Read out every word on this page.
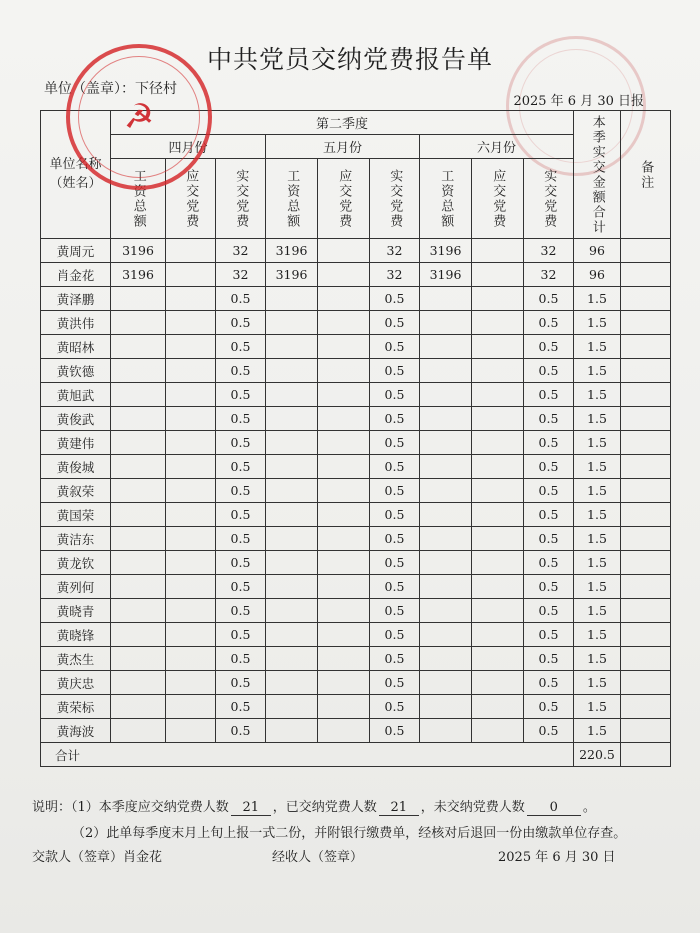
中共党员交纳党费报告单
单位（盖章）：下径村
2025 年 6 月 30 日报
单位名称（姓名）	第二季度									本季实交金额合计	备注

	四月份			五月份			六月份				

	工资总额	应交党费	实交党费	工资总额	应交党费	实交党费	工资总额	应交党费	实交党费		

黄周元	3196		32	3196		32	3196		32	96	
肖金花	3196		32	3196		32	3196		32	96	
黄泽鹏			0.5			0.5			0.5	1.5	
黄洪伟			0.5			0.5			0.5	1.5	
黄昭林			0.5			0.5			0.5	1.5	
黄钦德			0.5			0.5			0.5	1.5	
黄旭武			0.5			0.5			0.5	1.5	
黄俊武			0.5			0.5			0.5	1.5	
黄建伟			0.5			0.5			0.5	1.5	
黄俊城			0.5			0.5			0.5	1.5	
黄叙荣			0.5			0.5			0.5	1.5	
黄国荣			0.5			0.5			0.5	1.5	
黄洁东			0.5			0.5			0.5	1.5	
黄龙钦			0.5			0.5			0.5	1.5	
黄列何			0.5			0.5			0.5	1.5	
黄晓青			0.5			0.5			0.5	1.5	
黄晓锋			0.5			0.5			0.5	1.5	
黄杰生			0.5			0.5			0.5	1.5	
黄庆忠			0.5			0.5			0.5	1.5	
黄荣标			0.5			0.5			0.5	1.5	
黄海波			0.5			0.5			0.5	1.5	
合计										220.5	
说明：（1）本季度应交纳党费人数 21 ，已交纳党费人数 21 ，未交纳党费人数 0 。
（2）此单每季度末月上旬上报一式二份，并附银行缴费单，经核对后退回一份由缴款单位存查。
交款人（签章）肖金花	经收人（签章）	2025 年 6 月 30 日
☭
